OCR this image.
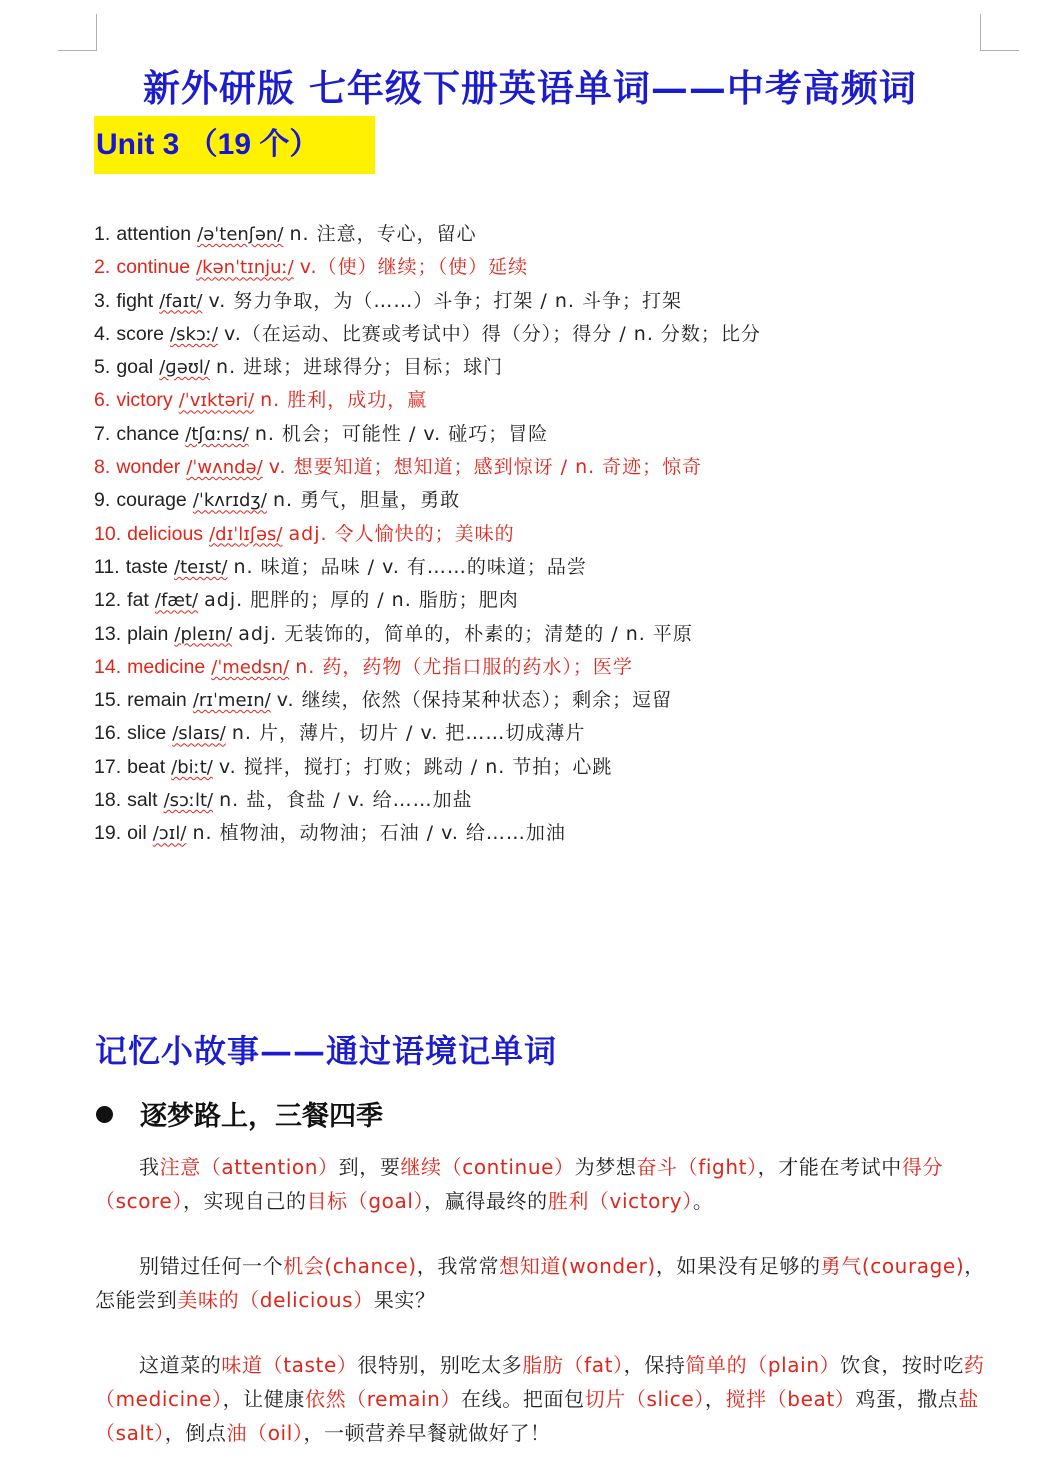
新外研版 七年级下册英语单词——中考高频词
Unit 3 （19 个）
1. attention /əˈtenʃən/ n. 注意，专心，留心
2. continue /kənˈtɪnjuː/ v.（使）继续；（使）延续
3. fight /faɪt/ v. 努力争取，为（……）斗争；打架 / n. 斗争；打架
4. score /skɔː/ v.（在运动、比赛或考试中）得（分）；得分 / n. 分数；比分
5. goal /ɡəʊl/ n. 进球；进球得分；目标；球门
6. victory /ˈvɪktəri/ n. 胜利，成功，赢
7. chance /tʃɑːns/ n. 机会；可能性 / v. 碰巧；冒险
8. wonder /ˈwʌndə/ v. 想要知道；想知道；感到惊讶 / n. 奇迹；惊奇
9. courage /ˈkʌrɪdʒ/ n. 勇气，胆量，勇敢
10. delicious /dɪˈlɪʃəs/ adj. 令人愉快的；美味的
11. taste /teɪst/ n. 味道；品味 / v. 有……的味道；品尝
12. fat /fæt/ adj. 肥胖的；厚的 / n. 脂肪；肥肉
13. plain /pleɪn/ adj. 无装饰的，简单的，朴素的；清楚的 / n. 平原
14. medicine /ˈmedsn/ n. 药，药物（尤指口服的药水）；医学
15. remain /rɪˈmeɪn/ v. 继续，依然（保持某种状态）；剩余；逗留
16. slice /slaɪs/ n. 片，薄片，切片 / v. 把……切成薄片
17. beat /biːt/ v. 搅拌，搅打；打败；跳动 / n. 节拍；心跳
18. salt /sɔːlt/ n. 盐，食盐 / v. 给……加盐
19. oil /ɔɪl/ n. 植物油，动物油；石油 / v. 给……加油
记忆小故事——通过语境记单词
逐梦路上，三餐四季

我注意（attention）到，要继续（continue）为梦想奋斗（fight），才能在考试中得分（score），实现自己的目标（goal），赢得最终的胜利（victory）。

别错过任何一个机会(chance)，我常常想知道(wonder)，如果没有足够的勇气(courage)，怎能尝到美味的（delicious）果实？

这道菜的味道（taste）很特别，别吃太多脂肪（fat），保持简单的（plain）饮食，按时吃药（medicine），让健康依然（remain）在线。把面包切片（slice），搅拌（beat）鸡蛋，撒点盐（salt），倒点油（oil），一顿营养早餐就做好了！
